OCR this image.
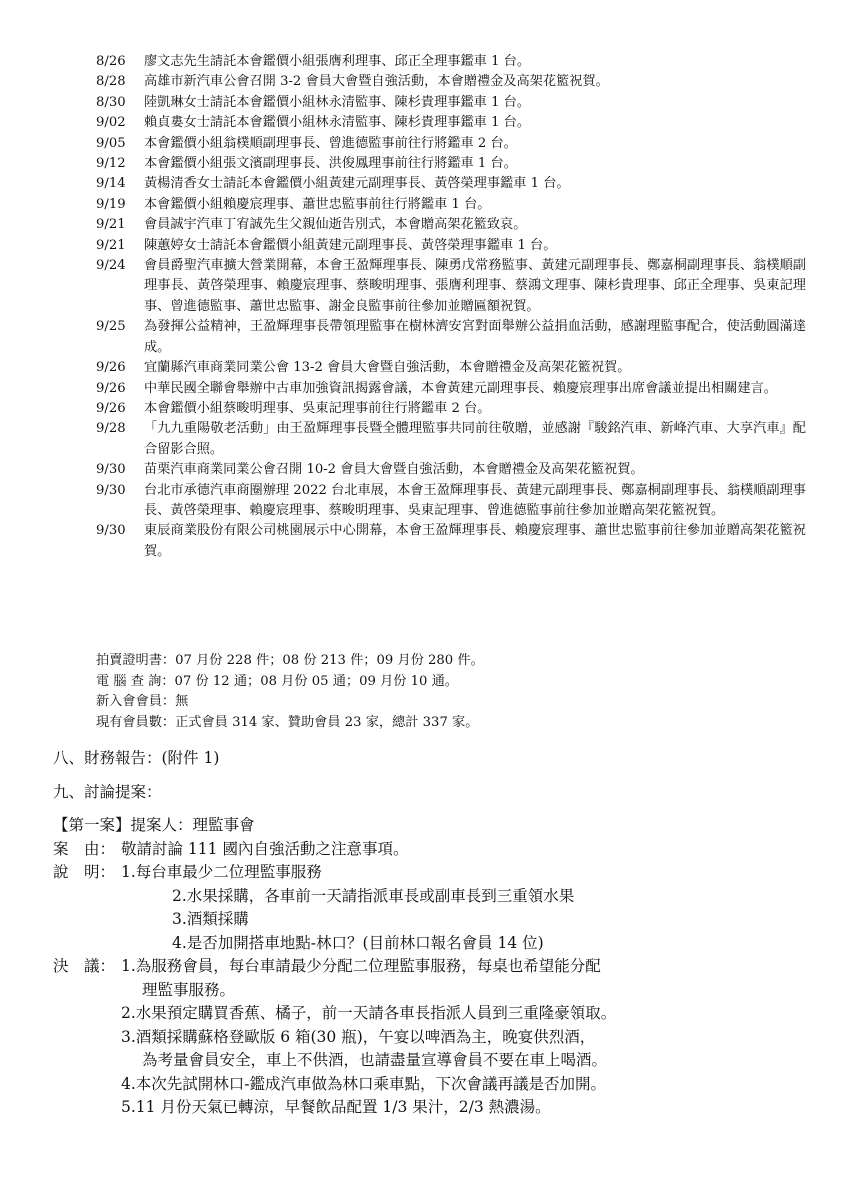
8/26	廖文志先生請託本會鑑價小組張膺利理事、邱正全理事鑑車 1 台。
8/28	高雄市新汽車公會召開 3-2 會員大會暨自強活動，本會贈禮金及高架花籃祝賀。
8/30	陸凱琳女士請託本會鑑價小組林永清監事、陳杉貴理事鑑車 1 台。
9/02	賴貞婁女士請託本會鑑價小組林永清監事、陳杉貴理事鑑車 1 台。
9/05	本會鑑價小組翁樸順副理事長、曾進德監事前往行將鑑車 2 台。
9/12	本會鑑價小組張文濱副理事長、洪俊鳳理事前往行將鑑車 1 台。
9/14	黃楊清香女士請託本會鑑價小組黃建元副理事長、黃啓榮理事鑑車 1 台。
9/19	本會鑑價小組賴慶宸理事、蕭世忠監事前往行將鑑車 1 台。
9/21	會員誠宇汽車丁宥誠先生父親仙逝告別式，本會贈高架花籃致哀。
9/21	陳蕙婷女士請託本會鑑價小組黃建元副理事長、黃啓榮理事鑑車 1 台。
9/24	會員爵聖汽車擴大營業開幕，本會王盈輝理事長、陳勇戊常務監事、黃建元副理事長、鄭嘉桐副理事長、翁樸順副理事長、黃啓榮理事、賴慶宸理事、蔡畯明理事、張膺利理事、蔡鴻文理事、陳杉貴理事、邱正全理事、吳東記理事、曾進德監事、蕭世忠監事、謝金良監事前往參加並贈匾額祝賀。
9/25	為發揮公益精神，王盈輝理事長帶領理監事在樹林濟安宮對面舉辦公益捐血活動，感謝理監事配合，使活動圓滿達成。
9/26	宜蘭縣汽車商業同業公會 13-2 會員大會暨自強活動，本會贈禮金及高架花籃祝賀。
9/26	中華民國全聯會舉辦中古車加強資訊揭露會議，本會黃建元副理事長、賴慶宸理事出席會議並提出相關建言。
9/26	本會鑑價小組蔡畯明理事、吳東記理事前往行將鑑車 2 台。
9/28	「九九重陽敬老活動」由王盈輝理事長暨全體理監事共同前往敬贈，並感謝『駿銘汽車、新峰汽車、大享汽車』配合留影合照。
9/30	苗栗汽車商業同業公會召開 10-2 會員大會暨自強活動，本會贈禮金及高架花籃祝賀。
9/30	台北市承德汽車商圈辦理 2022 台北車展，本會王盈輝理事長、黃建元副理事長、鄭嘉桐副理事長、翁樸順副理事長、黃啓榮理事、賴慶宸理事、蔡畯明理事、吳東記理事、曾進德監事前往參加並贈高架花籃祝賀。
9/30	東辰商業股份有限公司桃園展示中心開幕，本會王盈輝理事長、賴慶宸理事、蕭世忠監事前往參加並贈高架花籃祝賀。
拍賣證明書：07 月份 228 件；08 份 213 件；09 月份 280 件。
電 腦 查 詢：07 份 12 通；08 月份 05 通；09 月份 10 通。
新入會會員：無
現有會員數：正式會員 314 家、贊助會員 23 家，總計 337 家。
八、財務報告：(附件 1)
九、討論提案：
【第一案】提案人：理監事會
案　由： 敬請討論 111 國內自強活動之注意事項。
說　明： 1.每台車最少二位理監事服務
2.水果採購，各車前一天請指派車長或副車長到三重領水果
3.酒類採購
4.是否加開搭車地點-林口？(目前林口報名會員 14 位)
決　議： 1.為服務會員，每台車請最少分配二位理監事服務，每桌也希望能分配
理監事服務。
2.水果預定購買香蕉、橘子，前一天請各車長指派人員到三重隆豪領取。
3.酒類採購蘇格登歐版 6 箱(30 瓶)，午宴以啤酒為主，晚宴供烈酒，
為考量會員安全，車上不供酒，也請盡量宣導會員不要在車上喝酒。
4.本次先試開林口-鑑成汽車做為林口乘車點，下次會議再議是否加開。
5.11 月份天氣已轉涼，早餐飲品配置 1/3 果汁，2/3 熱濃湯。
